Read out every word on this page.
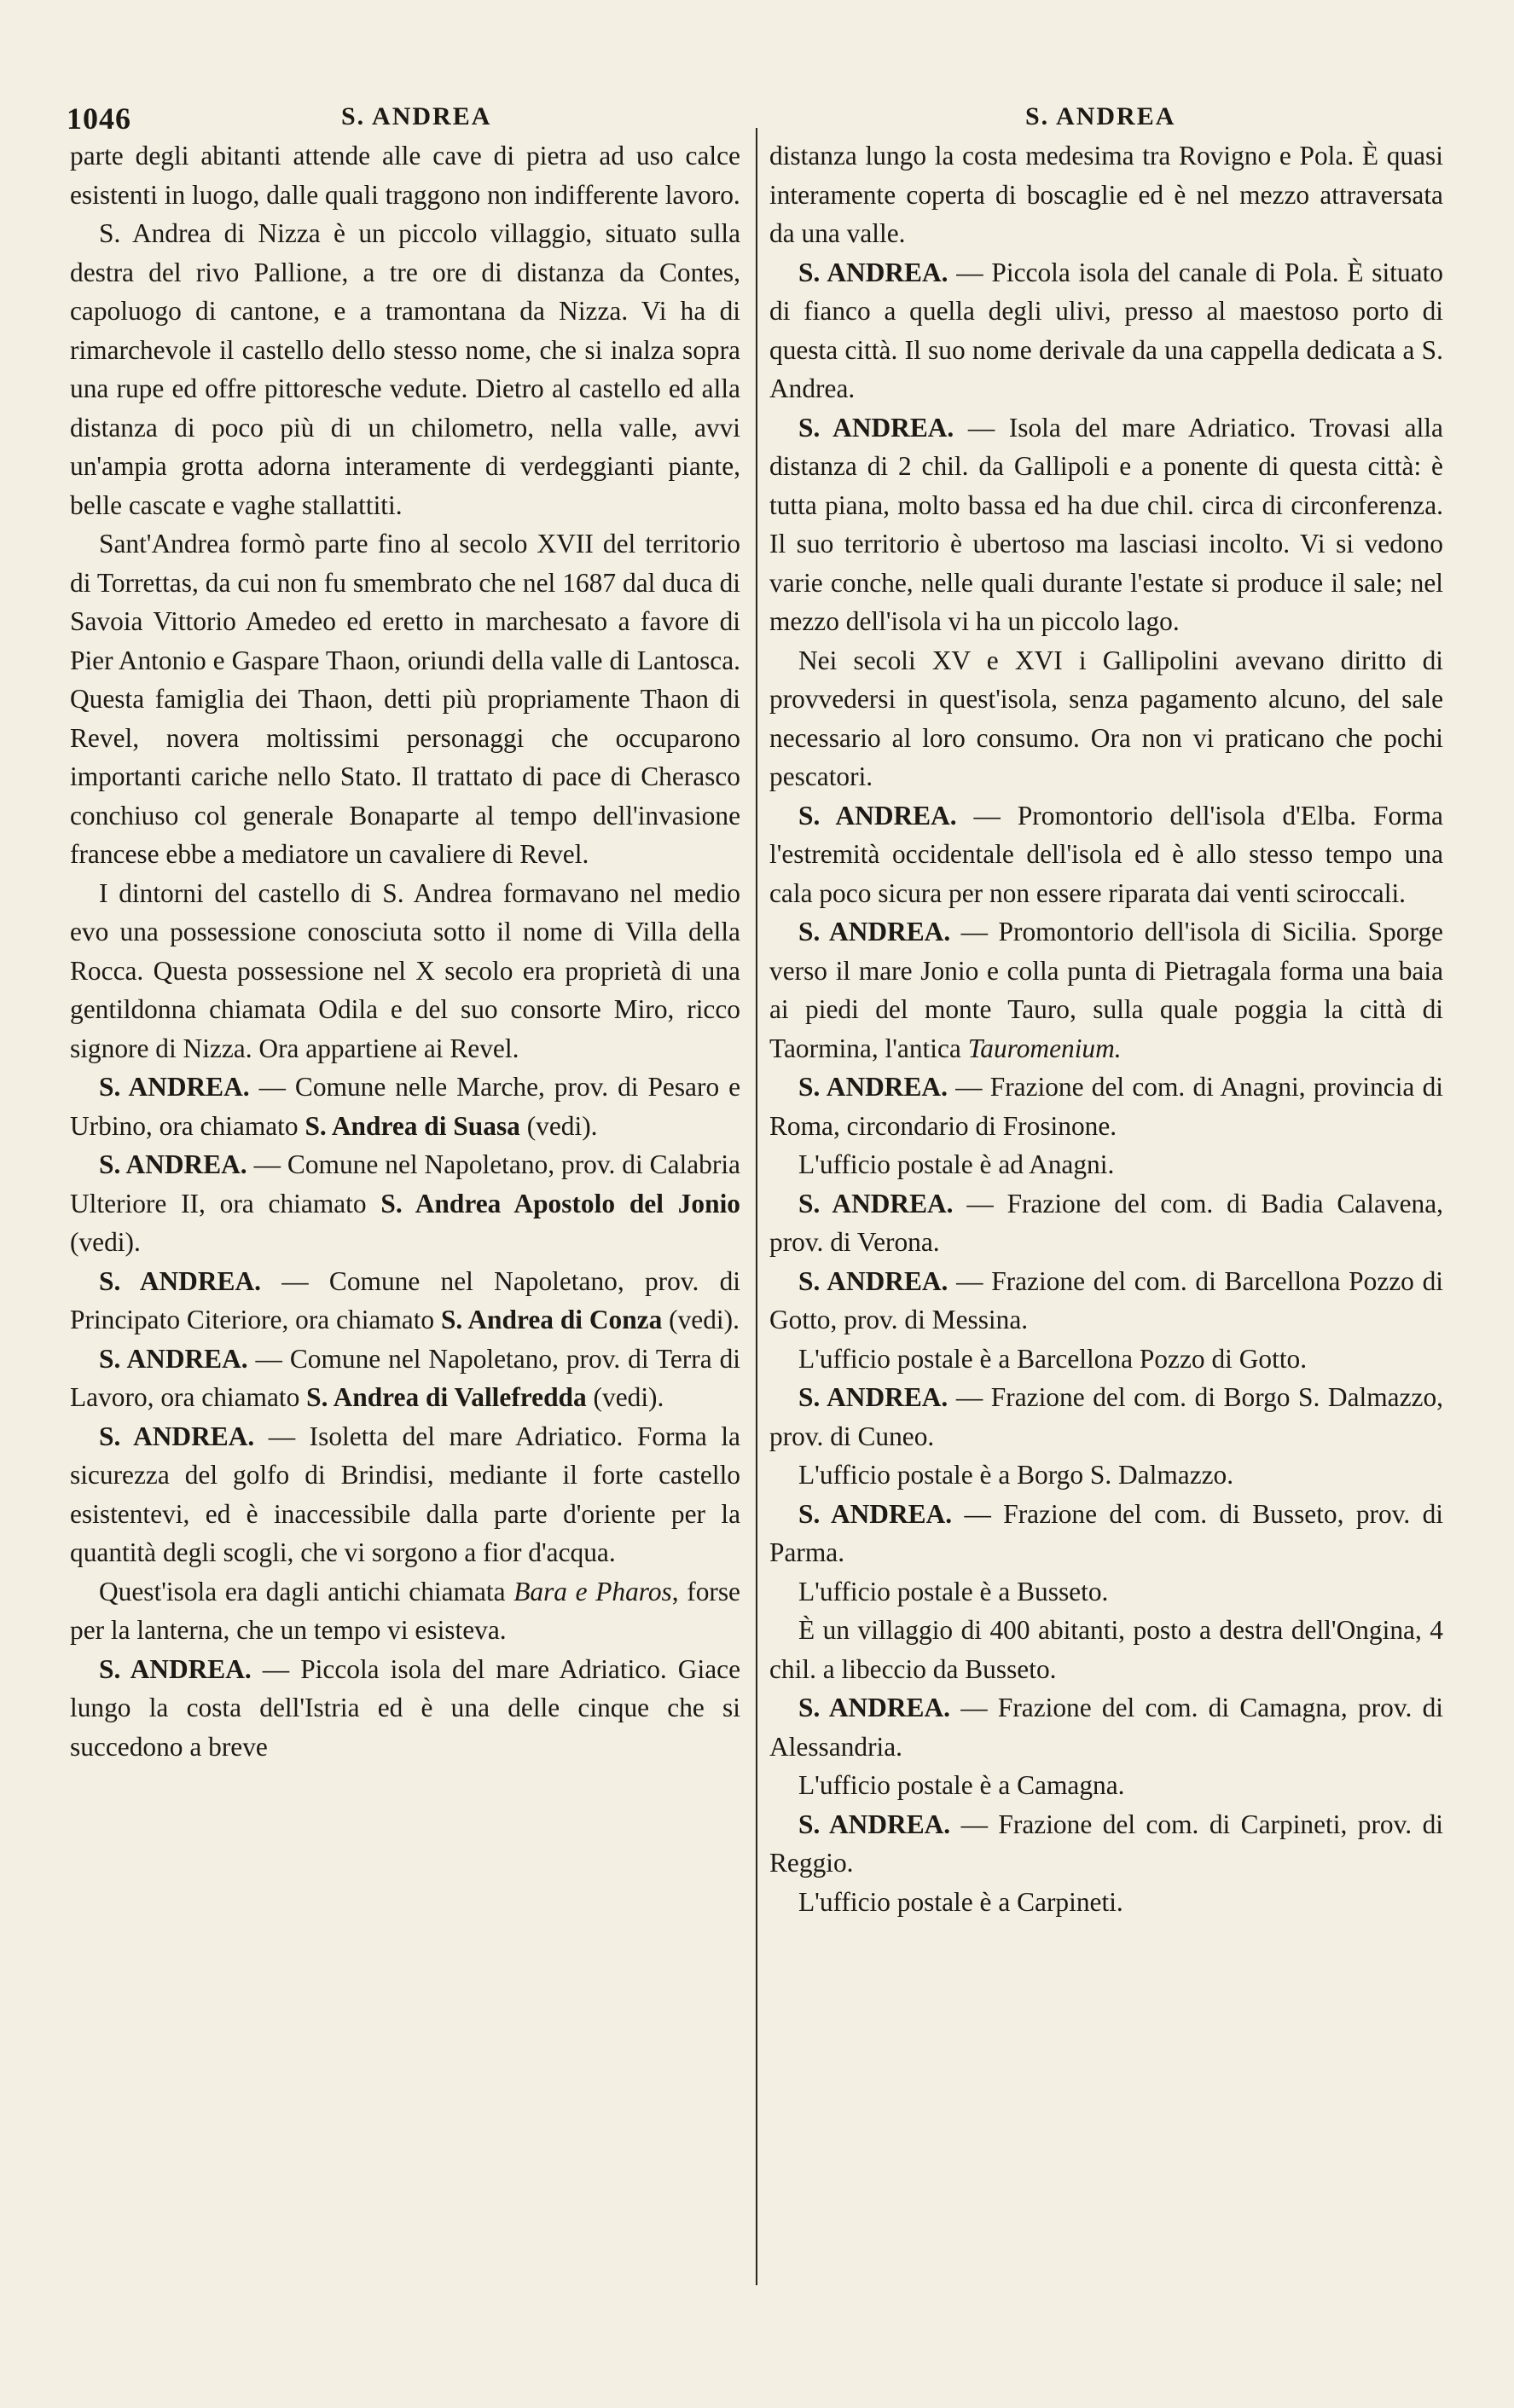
1046	S. ANDREA	S. ANDREA

parte degli abitanti attende alle cave di pietra ad uso calce esistenti in luogo, dalle quali traggono non indifferente lavoro.

S. Andrea di Nizza è un piccolo villaggio, situato sulla destra del rivo Pallione, a tre ore di distanza da Contes, capoluogo di cantone, e a tramontana da Nizza. Vi ha di rimarchevole il castello dello stesso nome, che si inalza sopra una rupe ed offre pittoresche vedute. Dietro al castello ed alla distanza di poco più di un chilometro, nella valle, avvi un'ampia grotta adorna interamente di verdeggianti piante, belle cascate e vaghe stallattiti.

Sant'Andrea formò parte fino al secolo XVII del territorio di Torrettas, da cui non fu smembrato che nel 1687 dal duca di Savoia Vittorio Amedeo ed eretto in marchesato a favore di Pier Antonio e Gaspare Thaon, oriundi della valle di Lantosca. Questa famiglia dei Thaon, detti più propriamente Thaon di Revel, novera moltissimi personaggi che occuparono importanti cariche nello Stato. Il trattato di pace di Cherasco conchiuso col generale Bonaparte al tempo dell'invasione francese ebbe a mediatore un cavaliere di Revel.

I dintorni del castello di S. Andrea formavano nel medio evo una possessione conosciuta sotto il nome di Villa della Rocca. Questa possessione nel X secolo era proprietà di una gentildonna chiamata Odila e del suo consorte Miro, ricco signore di Nizza. Ora appartiene ai Revel.

S. ANDREA. — Comune nelle Marche, prov. di Pesaro e Urbino, ora chiamato S. Andrea di Suasa (vedi).

S. ANDREA. — Comune nel Napoletano, prov. di Calabria Ulteriore II, ora chiamato S. Andrea Apostolo del Jonio (vedi).

S. ANDREA. — Comune nel Napoletano, prov. di Principato Citeriore, ora chiamato S. Andrea di Conza (vedi).

S. ANDREA. — Comune nel Napoletano, prov. di Terra di Lavoro, ora chiamato S. Andrea di Vallefredda (vedi).

S. ANDREA. — Isoletta del mare Adriatico. Forma la sicurezza del golfo di Brindisi, mediante il forte castello esistentevi, ed è inaccessibile dalla parte d'oriente per la quantità degli scogli, che vi sorgono a fior d'acqua.

Quest'isola era dagli antichi chiamata Bara e Pharos, forse per la lanterna, che un tempo vi esisteva.

S. ANDREA. — Piccola isola del mare Adriatico. Giace lungo la costa dell'Istria ed è una delle cinque che si succedono a breve

distanza lungo la costa medesima tra Rovigno e Pola. È quasi interamente coperta di boscaglie ed è nel mezzo attraversata da una valle.

S. ANDREA. — Piccola isola del canale di Pola. È situato di fianco a quella degli ulivi, presso al maestoso porto di questa città. Il suo nome derivale da una cappella dedicata a S. Andrea.

S. ANDREA. — Isola del mare Adriatico. Trovasi alla distanza di 2 chil. da Gallipoli e a ponente di questa città: è tutta piana, molto bassa ed ha due chil. circa di circonferenza. Il suo territorio è ubertoso ma lasciasi incolto. Vi si vedono varie conche, nelle quali durante l'estate si produce il sale; nel mezzo dell'isola vi ha un piccolo lago.

Nei secoli XV e XVI i Gallipolini avevano diritto di provvedersi in quest'isola, senza pagamento alcuno, del sale necessario al loro consumo. Ora non vi praticano che pochi pescatori.

S. ANDREA. — Promontorio dell'isola d'Elba. Forma l'estremità occidentale dell'isola ed è allo stesso tempo una cala poco sicura per non essere riparata dai venti sciroccali.

S. ANDREA. — Promontorio dell'isola di Sicilia. Sporge verso il mare Jonio e colla punta di Pietragala forma una baia ai piedi del monte Tauro, sulla quale poggia la città di Taormina, l'antica Tauromenium.

S. ANDREA. — Frazione del com. di Anagni, provincia di Roma, circondario di Frosinone.

L'ufficio postale è ad Anagni.

S. ANDREA. — Frazione del com. di Badia Calavena, prov. di Verona.

S. ANDREA. — Frazione del com. di Barcellona Pozzo di Gotto, prov. di Messina.

L'ufficio postale è a Barcellona Pozzo di Gotto.

S. ANDREA. — Frazione del com. di Borgo S. Dalmazzo, prov. di Cuneo.

L'ufficio postale è a Borgo S. Dalmazzo.

S. ANDREA. — Frazione del com. di Busseto, prov. di Parma.

L'ufficio postale è a Busseto.

È un villaggio di 400 abitanti, posto a destra dell'Ongina, 4 chil. a libeccio da Busseto.

S. ANDREA. — Frazione del com. di Camagna, prov. di Alessandria.

L'ufficio postale è a Camagna.

S. ANDREA. — Frazione del com. di Carpineti, prov. di Reggio.

L'ufficio postale è a Carpineti.
